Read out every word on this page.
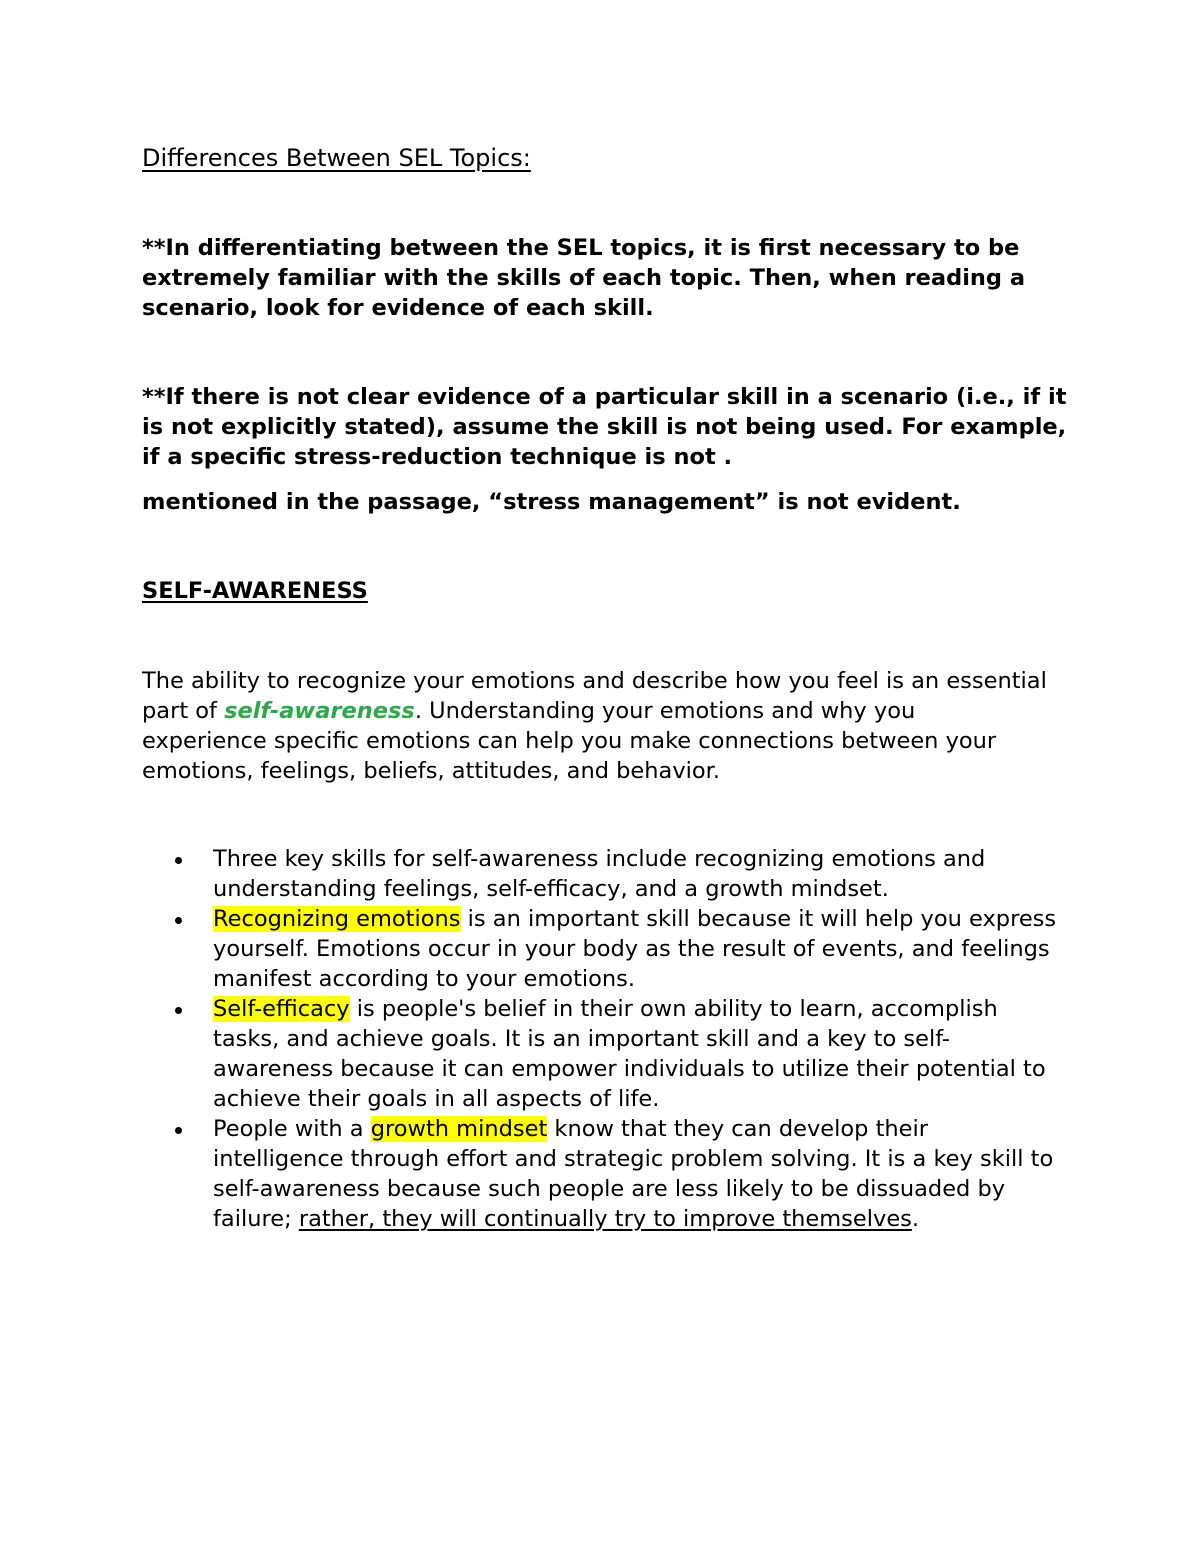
Differences Between SEL Topics:

**In differentiating between the SEL topics, it is first necessary to be extremely familiar with the skills of each topic. Then, when reading a scenario, look for evidence of each skill.

**If there is not clear evidence of a particular skill in a scenario (i.e., if it is not explicitly stated), assume the skill is not being used. For example, if a specific stress-reduction technique is not .

mentioned in the passage, “stress management” is not evident.

SELF-AWARENESS

The ability to recognize your emotions and describe how you feel is an essential part of self-awareness. Understanding your emotions and why you experience specific emotions can help you make connections between your emotions, feelings, beliefs, attitudes, and behavior.

Three key skills for self-awareness include recognizing emotions and understanding feelings, self-efficacy, and a growth mindset.
Recognizing emotions is an important skill because it will help you express yourself. Emotions occur in your body as the result of events, and feelings manifest according to your emotions.
Self-efficacy is people's belief in their own ability to learn, accomplish tasks, and achieve goals. It is an important skill and a key to self-awareness because it can empower individuals to utilize their potential to achieve their goals in all aspects of life.
People with a growth mindset know that they can develop their intelligence through effort and strategic problem solving. It is a key skill to self-awareness because such people are less likely to be dissuaded by failure; rather, they will continually try to improve themselves.
